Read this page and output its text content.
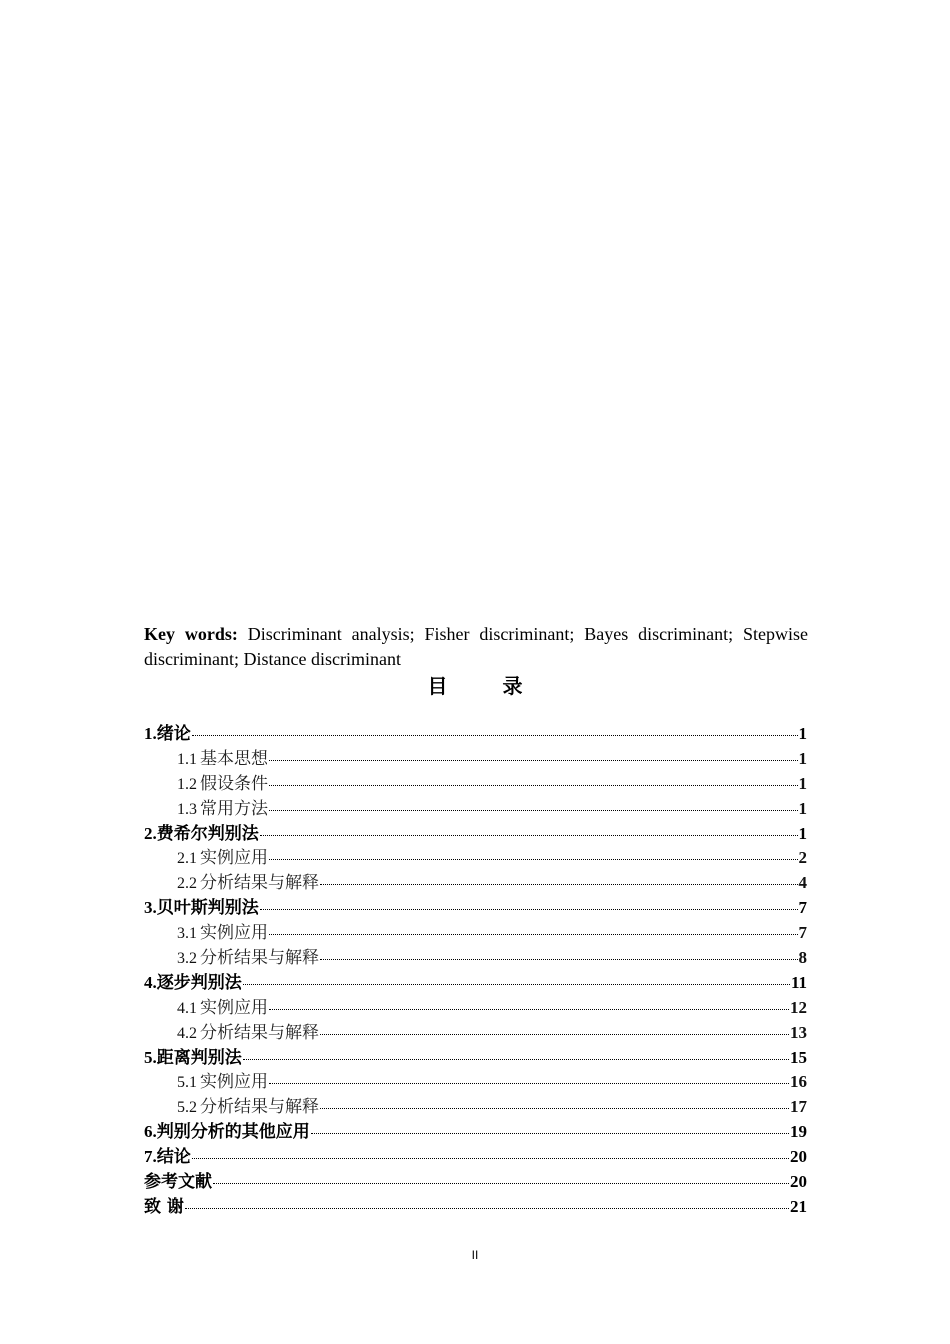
Key words: Discriminant analysis; Fisher discriminant; Bayes discriminant; Stepwise discriminant; Distance discriminant

目 录
1. 绪论	1
1.1 基本思想	1
1.2 假设条件	1
1.3 常用方法	1
2. 费希尔判别法	1
2.1 实例应用	2
2.2 分析结果与解释	4
3. 贝叶斯判别法	7
3.1 实例应用	7
3.2 分析结果与解释	8
4. 逐步判别法	11
4.1 实例应用	12
4.2 分析结果与解释	13
5. 距离判别法	15
5.1 实例应用	16
5.2 分析结果与解释	17
6. 判别分析的其他应用	19
7. 结论	20
参考文献	20
致 谢	21
II
